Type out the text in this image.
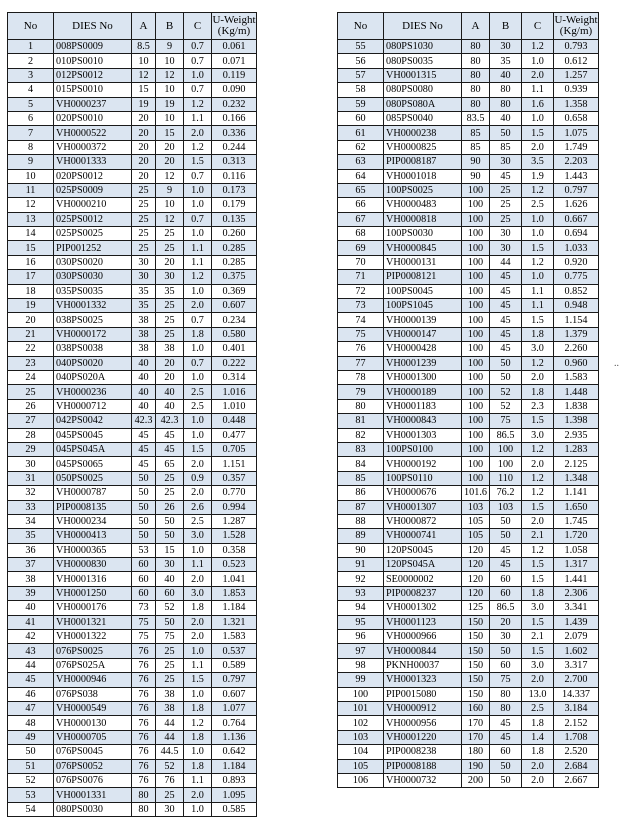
No	DIES No	A	B	C	U-Weight
(Kg/m)
1	008PS0009	8.5	9	0.7	0.061
2	010PS0010	10	10	0.7	0.071
3	012PS0012	12	12	1.0	0.119
4	015PS0010	15	10	0.7	0.090
5	VH0000237	19	19	1.2	0.232
6	020PS0010	20	10	1.1	0.166
7	VH0000522	20	15	2.0	0.336
8	VH0000372	20	20	1.2	0.244
9	VH0001333	20	20	1.5	0.313
10	020PS0012	20	12	0.7	0.116
11	025PS0009	25	9	1.0	0.173
12	VH0000210	25	10	1.0	0.179
13	025PS0012	25	12	0.7	0.135
14	025PS0025	25	25	1.0	0.260
15	PIP001252	25	25	1.1	0.285
16	030PS0020	30	20	1.1	0.285
17	030PS0030	30	30	1.2	0.375
18	035PS0035	35	35	1.0	0.369
19	VH0001332	35	25	2.0	0.607
20	038PS0025	38	25	0.7	0.234
21	VH0000172	38	25	1.8	0.580
22	038PS0038	38	38	1.0	0.401
23	040PS0020	40	20	0.7	0.222
24	040PS020A	40	20	1.0	0.314
25	VH0000236	40	40	2.5	1.016
26	VH0000712	40	40	2.5	1.010
27	042PS0042	42.3	42.3	1.0	0.448
28	045PS0045	45	45	1.0	0.477
29	045PS045A	45	45	1.5	0.705
30	045PS0065	45	65	2.0	1.151
31	050PS0025	50	25	0.9	0.357
32	VH0000787	50	25	2.0	0.770
33	PIP0008135	50	26	2.6	0.994
34	VH0000234	50	50	2.5	1.287
35	VH0000413	50	50	3.0	1.528
36	VH0000365	53	15	1.0	0.358
37	VH0000830	60	30	1.1	0.523
38	VH0001316	60	40	2.0	1.041
39	VH0001250	60	60	3.0	1.853
40	VH0000176	73	52	1.8	1.184
41	VH0001321	75	50	2.0	1.321
42	VH0001322	75	75	2.0	1.583
43	076PS0025	76	25	1.0	0.537
44	076PS025A	76	25	1.1	0.589
45	VH0000946	76	25	1.5	0.797
46	076PS038	76	38	1.0	0.607
47	VH0000549	76	38	1.8	1.077
48	VH0000130	76	44	1.2	0.764
49	VH0000705	76	44	1.8	1.136
50	076PS0045	76	44.5	1.0	0.642
51	076PS0052	76	52	1.8	1.184
52	076PS0076	76	76	1.1	0.893
53	VH0001331	80	25	2.0	1.095
54	080PS0030	80	30	1.0	0.585
No	DIES No	A	B	C	U-Weight
(Kg/m)
55	080PS1030	80	30	1.2	0.793
56	080PS0035	80	35	1.0	0.612
57	VH0001315	80	40	2.0	1.257
58	080PS0080	80	80	1.1	0.939
59	080PS080A	80	80	1.6	1.358
60	085PS0040	83.5	40	1.0	0.658
61	VH0000238	85	50	1.5	1.075
62	VH0000825	85	85	2.0	1.749
63	PIP0008187	90	30	3.5	2.203
64	VH0001018	90	45	1.9	1.443
65	100PS0025	100	25	1.2	0.797
66	VH0000483	100	25	2.5	1.626
67	VH0000818	100	25	1.0	0.667
68	100PS0030	100	30	1.0	0.694
69	VH0000845	100	30	1.5	1.033
70	VH0000131	100	44	1.2	0.920
71	PIP0008121	100	45	1.0	0.775
72	100PS0045	100	45	1.1	0.852
73	100PS1045	100	45	1.1	0.948
74	VH0000139	100	45	1.5	1.154
75	VH0000147	100	45	1.8	1.379
76	VH0000428	100	45	3.0	2.260
77	VH0001239	100	50	1.2	0.960
78	VH0001300	100	50	2.0	1.583
79	VH0000189	100	52	1.8	1.448
80	VH0001183	100	52	2.3	1.838
81	VH0000843	100	75	1.5	1.398
82	VH0001303	100	86.5	3.0	2.935
83	100PS0100	100	100	1.2	1.283
84	VH0000192	100	100	2.0	2.125
85	100PS0110	100	110	1.2	1.348
86	VH0000676	101.6	76.2	1.2	1.141
87	VH0001307	103	103	1.5	1.650
88	VH0000872	105	50	2.0	1.745
89	VH0000741	105	50	2.1	1.720
90	120PS0045	120	45	1.2	1.058
91	120PS045A	120	45	1.5	1.317
92	SE0000002	120	60	1.5	1.441
93	PIP0008237	120	60	1.8	2.306
94	VH0001302	125	86.5	3.0	3.341
95	VH0001123	150	20	1.5	1.439
96	VH0000966	150	30	2.1	2.079
97	VH0000844	150	50	1.5	1.602
98	PKNH00037	150	60	3.0	3.317
99	VH0001323	150	75	2.0	2.700
100	PIP0015080	150	80	13.0	14.337
101	VH0000912	160	80	2.5	3.184
102	VH0000956	170	45	1.8	2.152
103	VH0001220	170	45	1.4	1.708
104	PIP0008238	180	60	1.8	2.520
105	PIP0008188	190	50	2.0	2.684
106	VH0000732	200	50	2.0	2.667
..
